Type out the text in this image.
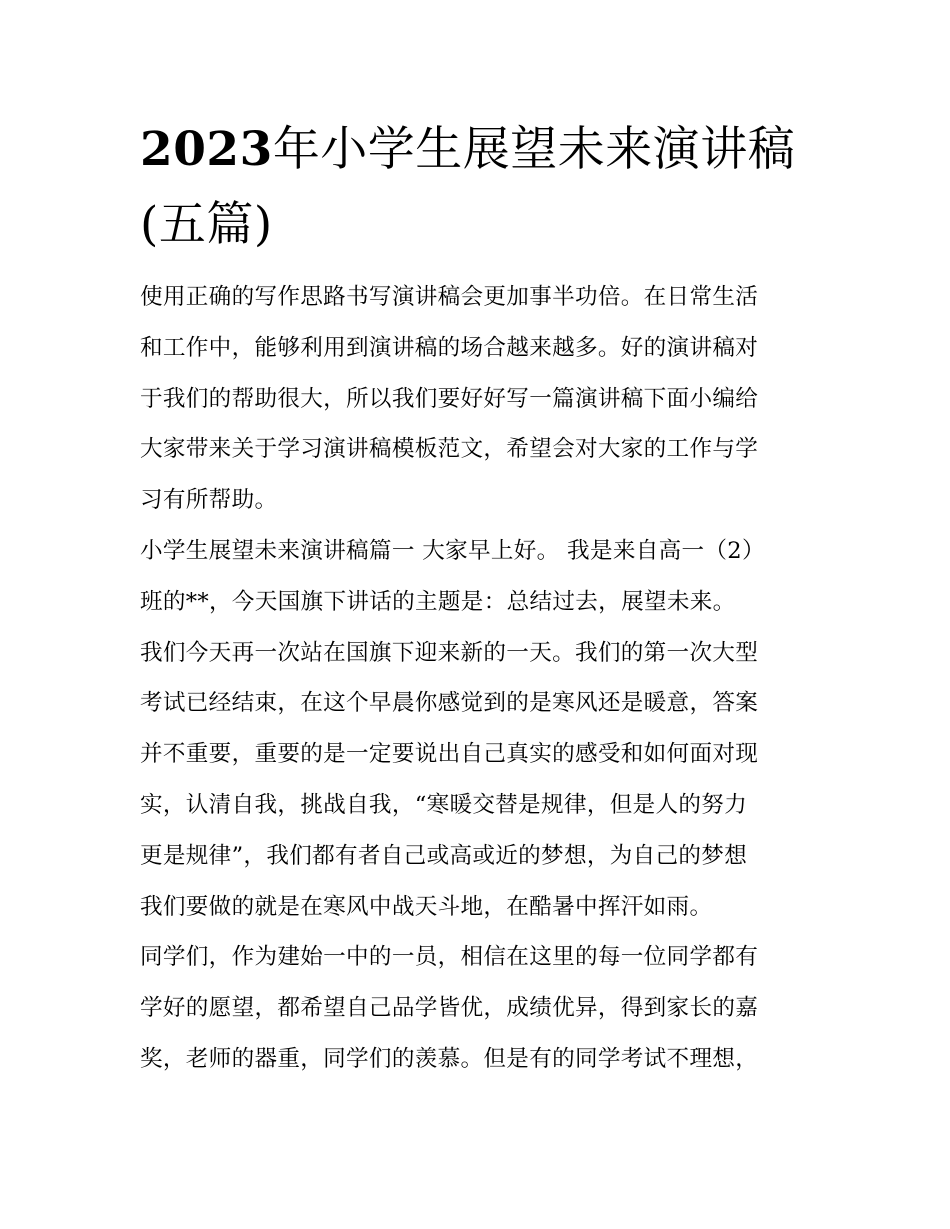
2023年小学生展望未来演讲稿
(五篇)

使用正确的写作思路书写演讲稿会更加事半功倍。在日常生活
和工作中，能够利用到演讲稿的场合越来越多。好的演讲稿对
于我们的帮助很大，所以我们要好好写一篇演讲稿下面小编给
大家带来关于学习演讲稿模板范文，希望会对大家的工作与学
习有所帮助。

小学生展望未来演讲稿篇一 大家早上好。 我是来自高一（2）
班的**，今天国旗下讲话的主题是：总结过去，展望未来。

我们今天再一次站在国旗下迎来新的一天。我们的第一次大型
考试已经结束，在这个早晨你感觉到的是寒风还是暖意，答案
并不重要，重要的是一定要说出自己真实的感受和如何面对现
实，认清自我，挑战自我，“寒暖交替是规律，但是人的努力
更是规律”，我们都有者自己或高或近的梦想，为自己的梦想
我们要做的就是在寒风中战天斗地，在酷暑中挥汗如雨。

同学们，作为建始一中的一员，相信在这里的每一位同学都有
学好的愿望，都希望自己品学皆优，成绩优异，得到家长的嘉
奖，老师的器重，同学们的羡慕。但是有的同学考试不理想，
